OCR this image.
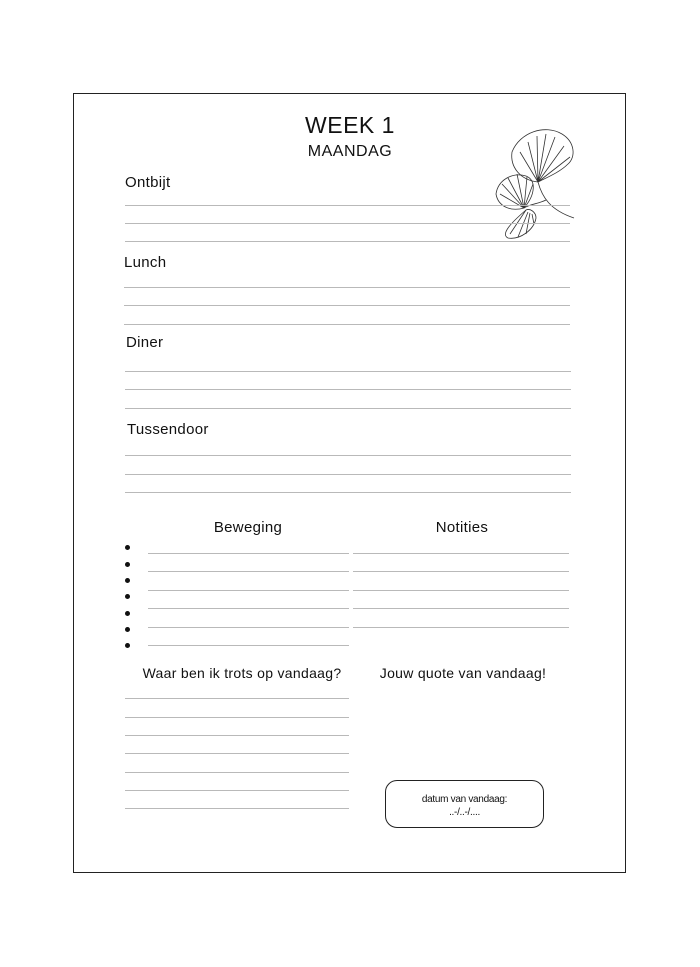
WEEK 1
MAANDAG
Ontbijt
Lunch
Diner
Tussendoor
Beweging	Notities
Waar ben ik trots op vandaag?	Jouw quote van vandaag!
datum van vandaag:
..-/..-/....
